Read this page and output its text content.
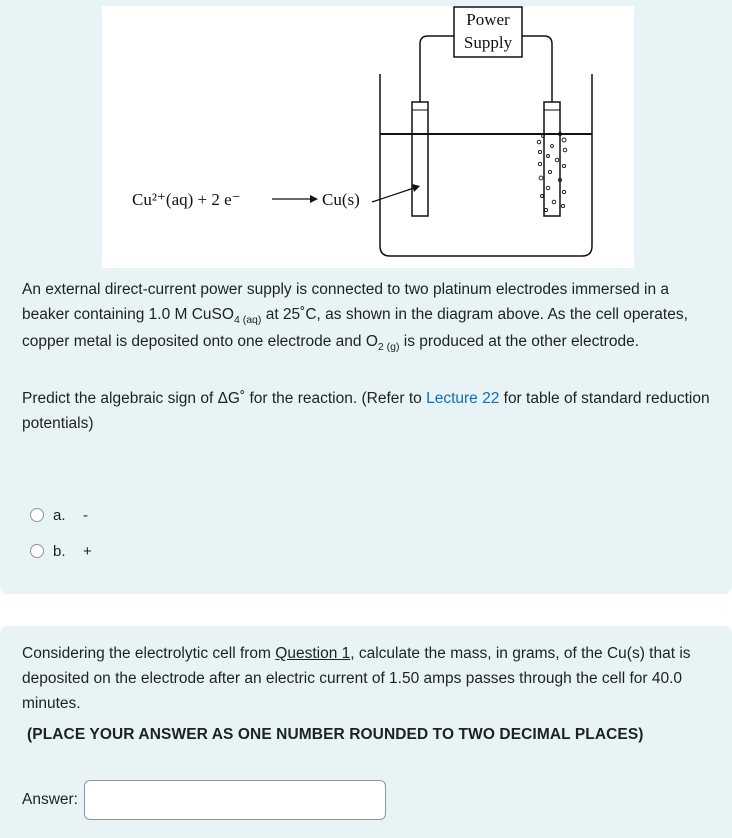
Power
Supply
Cu²⁺(aq) + 2 e⁻	Cu(s)
An external direct-current power supply is connected to two platinum electrodes immersed in a beaker containing 1.0 M CuSO$_{4 (aq)}$ at 25˚C, as shown in the diagram above. As the cell operates, copper metal is deposited onto one electrode and $O_{2 (g)}$ is produced at the other electrode.
Predict the algebraic sign of ΔG˚ for the reaction. (Refer to Lecture 22 for table of standard reduction potentials)
a.	-
b.	+
Considering the electrolytic cell from Question 1, calculate the mass, in grams, of the Cu(s) that is deposited on the electrode after an electric current of 1.50 amps passes through the cell for 40.0 minutes.
(PLACE YOUR ANSWER AS ONE NUMBER ROUNDED TO TWO DECIMAL PLACES)
Answer:
